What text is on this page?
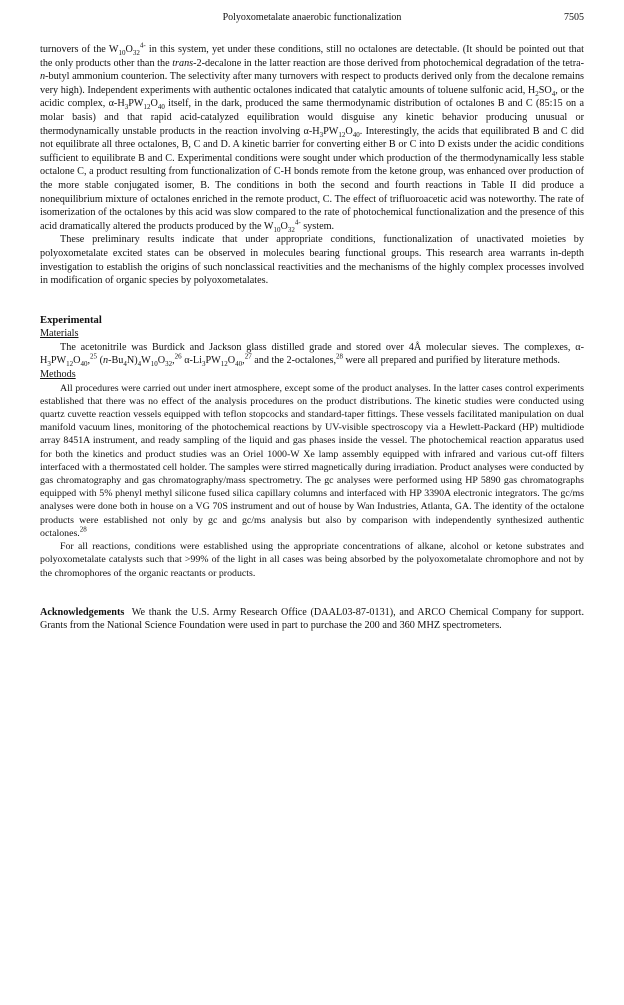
Polyoxometalate anaerobic functionalization	7505

turnovers of the $W_{10}O_{32}^{4-}$ in this system, yet under these conditions, still no octalones are detectable. (It should be pointed out that the only products other than the trans-2-decalone in the latter reaction are those derived from photochemical degradation of the tetra-n-butyl ammonium counterion. The selectivity after many turnovers with respect to products derived only from the decalone remains very high). Independent experiments with authentic octalones indicated that catalytic amounts of toluene sulfonic acid, $H_2SO_4$, or the acidic complex, $\alpha-H_3PW_{12}O_{40}$ itself, in the dark, produced the same thermodynamic distribution of octalones B and C (85:15 on a molar basis) and that rapid acid-catalyzed equilibration would disguise any kinetic behavior producing unusual or thermodynamically unstable products in the reaction involving $\alpha-H_3PW_{12}O_{40}$. Interestingly, the acids that equilibrated B and C did not equilibrate all three octalones, B, C and D. A kinetic barrier for converting either B or C into D exists under the acidic conditions sufficient to equilibrate B and C. Experimental conditions were sought under which production of the thermodynamically less stable octalone C, a product resulting from functionalization of C-H bonds remote from the ketone group, was enhanced over production of the more stable conjugated isomer, B. The conditions in both the second and fourth reactions in Table II did produce a nonequilibrium mixture of octalones enriched in the remote product, C. The effect of trifluoroacetic acid was noteworthy. The rate of isomerization of the octalones by this acid was slow compared to the rate of photochemical functionalization and the presence of this acid dramatically altered the products produced by the $W_{10}O_{32}^{4-}$ system.

These preliminary results indicate that under appropriate conditions, functionalization of unactivated moieties by polyoxometalate excited states can be observed in molecules bearing functional groups. This research area warrants in-depth investigation to establish the origins of such nonclassical reactivities and the mechanisms of the highly complex processes involved in modification of organic species by polyoxometalates.

Experimental

Materials

The acetonitrile was Burdick and Jackson glass distilled grade and stored over 4Å molecular sieves. The complexes, $\alpha-H_3PW_{12}O_{40},^{25}$ $(n-Bu_4N)_4W_{10}O_{32},^{26}$ $\alpha-Li_3PW_{12}O_{40},^{27}$ and the 2-octalones,$^{28}$ were all prepared and purified by literature methods.

Methods

All procedures were carried out under inert atmosphere, except some of the product analyses. In the latter cases control experiments established that there was no effect of the analysis procedures on the product distributions. The kinetic studies were conducted using quartz cuvette reaction vessels equipped with teflon stopcocks and standard-taper fittings. These vessels facilitated manipulation on dual manifold vacuum lines, monitoring of the photochemical reactions by UV-visible spectroscopy via a Hewlett-Packard (HP) multidiode array 8451A instrument, and ready sampling of the liquid and gas phases inside the vessel. The photochemical reaction apparatus used for both the kinetics and product studies was an Oriel 1000-W Xe lamp assembly equipped with infrared and various cut-off filters interfaced with a thermostated cell holder. The samples were stirred magnetically during irradiation. Product analyses were conducted by gas chromatography and gas chromatography/mass spectrometry. The gc analyses were performed using HP 5890 gas chromatographs equipped with 5% phenyl methyl silicone fused silica capillary columns and interfaced with HP 3390A electronic integrators. The gc/ms analyses were done both in house on a VG 70S instrument and out of house by Wan Industries, Atlanta, GA. The identity of the octalone products were established not only by gc and gc/ms analysis but also by comparison with independently synthesized authentic octalones.$^{28}$

For all reactions, conditions were established using the appropriate concentrations of alkane, alcohol or ketone substrates and polyoxometalate catalysts such that >99% of the light in all cases was being absorbed by the polyoxometalate chromophore and not by the chromophores of the organic reactants or products.

Acknowledgements We thank the U.S. Army Research Office (DAAL03-87-0131), and ARCO Chemical Company for support. Grants from the National Science Foundation were used in part to purchase the 200 and 360 MHZ spectrometers.
